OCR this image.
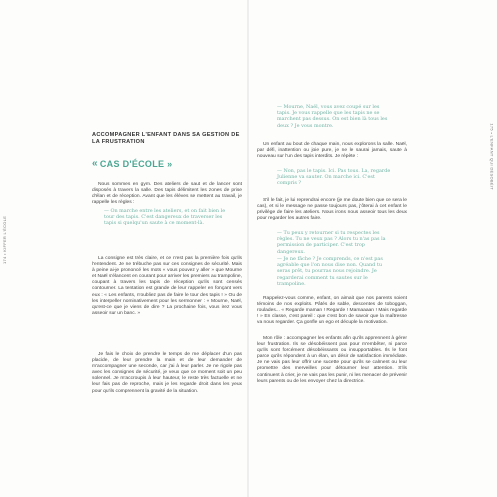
174 • KIFFER L'ÉCOLE
ACCOMPAGNER L'ENFANT DANS SA GESTION DE LA FRUSTRATION
« CAS D'ÉCOLE »

Nous sommes en gym. Des ateliers de saut et de lancer sont disposés à travers la salle. Des tapis délimitent les zones de prise d'élan et de réception. Avant que les élèves se mettent au travail, je rappelle les règles :

— On marche entre les ateliers, et on fait bien le tour des tapis. C'est dangereux de traverser les tapis si quelqu'un saute à ce moment-là.

La consigne est très claire, et ce n'est pas la première fois qu'ils l'entendent. Je ne trébuche pas sur ces consignes de sécurité. Mais à peine ai-je prononcé les mots « vous pouvez y aller » que Mourne et Naël s'élancent en courant pour arriver les premiers au trampoline, coupant à travers les tapis de réception qu'ils sont censés contourner. La tentation est grande de leur rappeler en fonçant vers eux : « Les enfants, n'oubliez pas de faire le tour des tapis ! » Ou de les interpeller nominativement pour les sermonner : « Mourne, Naël, qu'est-ce que je viens de dire ? La prochaine fois, vous irez vous asseoir sur un banc. »

Je fais le choix de prendre le temps de me déplacer d'un pas placide, de leur prendre la main et de leur demander de m'accompagner une seconde, car j'ai à leur parler. Je ne rigole pas avec les consignes de sécurité, je veux que ce moment soit un peu solennel. Je m'accroupis à leur hauteur, le reste très factuelle et ne leur fais pas de reproche, mais je les regarde droit dans les yeux pour qu'ils comprennent la gravité de la situation.

175 • L'ENFANT QUI DÉSOBÉIT

— Mourne, Naël, vous avez coupé sur les tapis. Je vous rappelle que les tapis ne se marchent pas dessus. On est bien là tous les deux ? Je vous montre.

Un enfant au bout de chaque main, nous explorons la salle. Naël, par défi, inattention ou joie pure, je ne le saurai jamais, saute à nouveau sur l'un des tapis interdits. Je répète :

— Non, pas le tapis. Ici. Pas tous. La, regarde Julienne va sauter. On marche ici. C'est compris ?

S'il le fait, je lui reprendrai encore (je me doute bien que ce sera le cas), et si le message ne passe toujours pas, j'ôterai à cet enfant le privilège de faire les ateliers. Nous irons nous asseoir tous les deux pour regarder les autres faire.

— Tu peux y retourner si tu respectes les règles. Tu ne veux pas ? Alors tu n'as pas la permission de participer. C'est trop dangereux.

— Je ne fâche ? Je comprends, ce n'est pas agréable que l'on nous dise non. Quand tu seras prêt, tu pourras nous rejoindre. Je regarderai comment tu sautes sur le trampoline.

Rappelez-vous comme, enfant, on aimait que nos parents soient témoins de nos exploits. Pâtés de sable, descentes de toboggan, roulades... « Regarde maman ! Regarde ! Mamaaaan ! Mais regarde ! » En classe, c'est pareil : que c'est bon de savoir que la maîtresse va nous regarder. Ça gonfle un ego et décuple la motivation.

Mon rôle : accompagner les enfants afin qu'ils apprennent à gérer leur frustration. Ils se désobéissent pas pour m'embêter, ni parce qu'ils sont forcément désobéissants ou insupportables. Ils le font parce qu'ils répondent à un élan, un désir de satisfaction immédiate. Je ne vais pas leur offrir une sucette pour qu'ils se calment ou leur promettre des merveilles pour détourner leur attention. S'ils continuent à crier, je ne vais pas les punir, ni les menacer de prévenir leurs parents ou de les envoyer chez la directrice.
